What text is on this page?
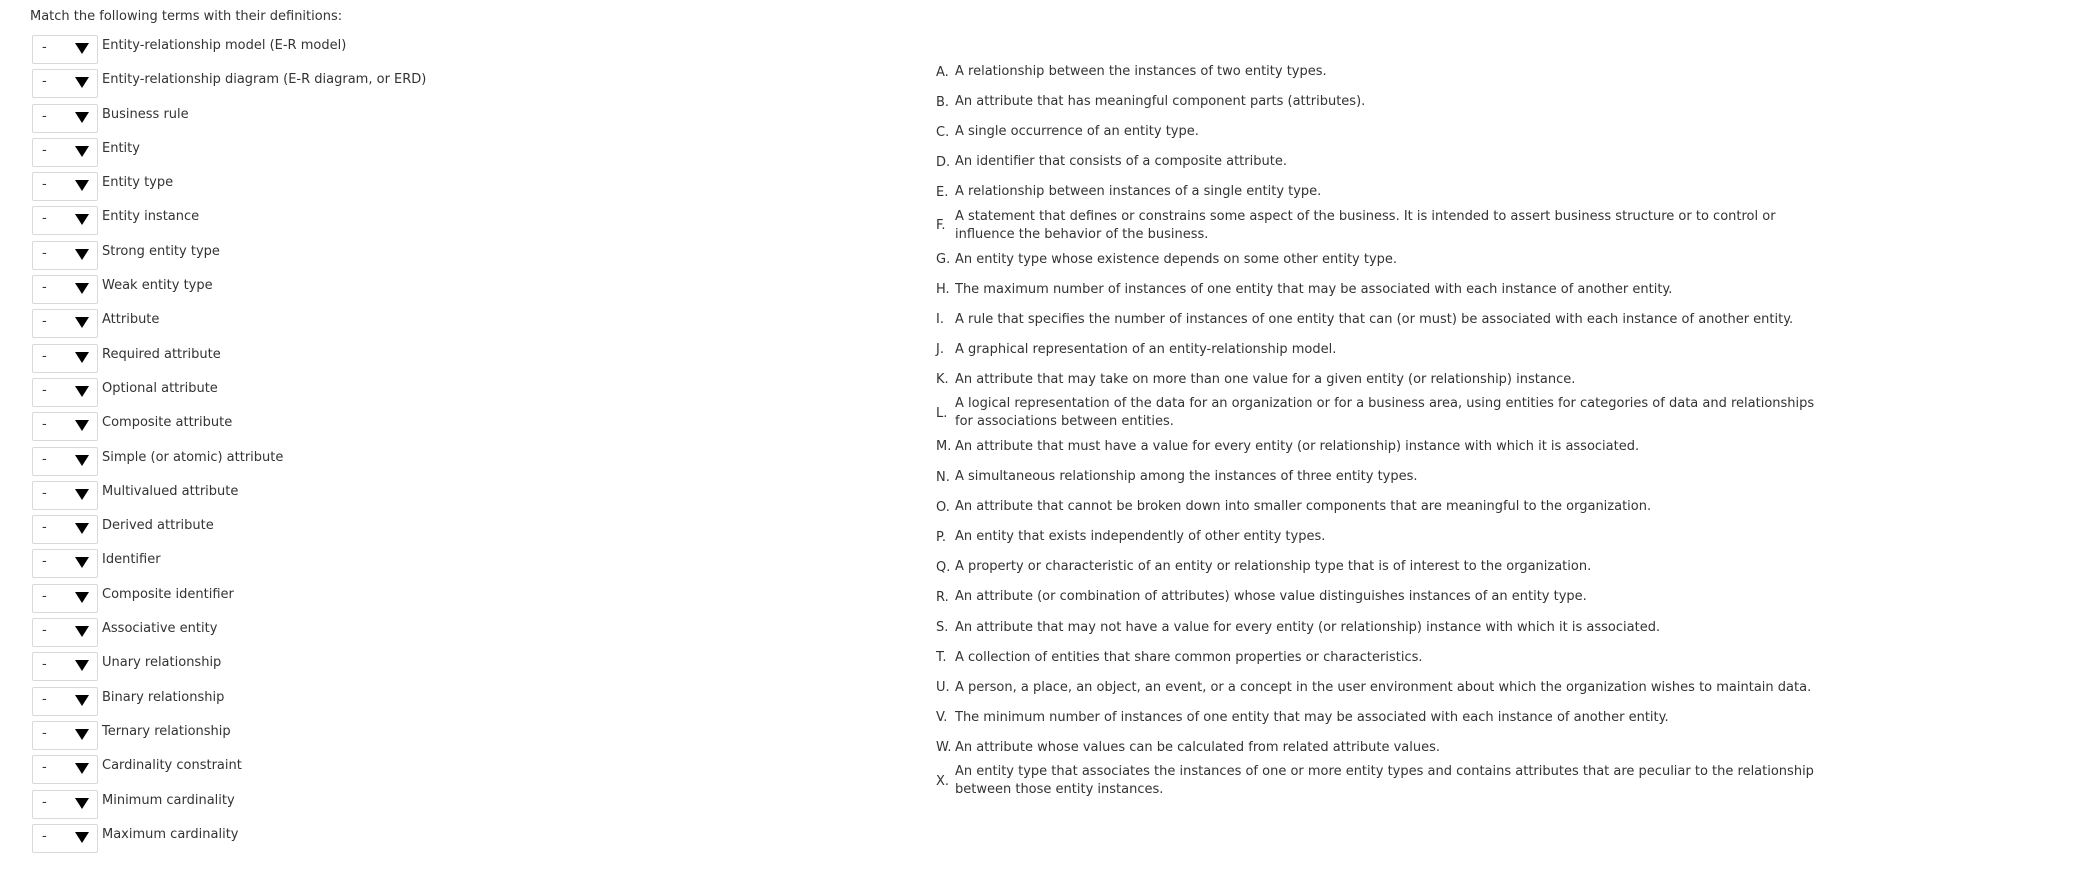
Match the following terms with their definitions:
-	Entity-relationship model (E-R model)
-	Entity-relationship diagram (E-R diagram, or ERD)
-	Business rule
-	Entity
-	Entity type
-	Entity instance
-	Strong entity type
-	Weak entity type
-	Attribute
-	Required attribute
-	Optional attribute
-	Composite attribute
-	Simple (or atomic) attribute
-	Multivalued attribute
-	Derived attribute
-	Identifier
-	Composite identifier
-	Associative entity
-	Unary relationship
-	Binary relationship
-	Ternary relationship
-	Cardinality constraint
-	Minimum cardinality
-	Maximum cardinality
A. A relationship between the instances of two entity types.
B. An attribute that has meaningful component parts (attributes).
C. A single occurrence of an entity type.
D. An identifier that consists of a composite attribute.
E. A relationship between instances of a single entity type.
F.
A statement that defines or constrains some aspect of the business. It is intended to assert business structure or to control or influence the behavior of the business.
G. An entity type whose existence depends on some other entity type.
H. The maximum number of instances of one entity that may be associated with each instance of another entity.
I. A rule that specifies the number of instances of one entity that can (or must) be associated with each instance of another entity.
J. A graphical representation of an entity-relationship model.
K. An attribute that may take on more than one value for a given entity (or relationship) instance.
L.
A logical representation of the data for an organization or for a business area, using entities for categories of data and relationships for associations between entities.
M. An attribute that must have a value for every entity (or relationship) instance with which it is associated.
N. A simultaneous relationship among the instances of three entity types.
O. An attribute that cannot be broken down into smaller components that are meaningful to the organization.
P. An entity that exists independently of other entity types.
Q. A property or characteristic of an entity or relationship type that is of interest to the organization.
R. An attribute (or combination of attributes) whose value distinguishes instances of an entity type.
S. An attribute that may not have a value for every entity (or relationship) instance with which it is associated.
T. A collection of entities that share common properties or characteristics.
U. A person, a place, an object, an event, or a concept in the user environment about which the organization wishes to maintain data.
V. The minimum number of instances of one entity that may be associated with each instance of another entity.
W. An attribute whose values can be calculated from related attribute values.
X.
An entity type that associates the instances of one or more entity types and contains attributes that are peculiar to the relationship between those entity instances.
